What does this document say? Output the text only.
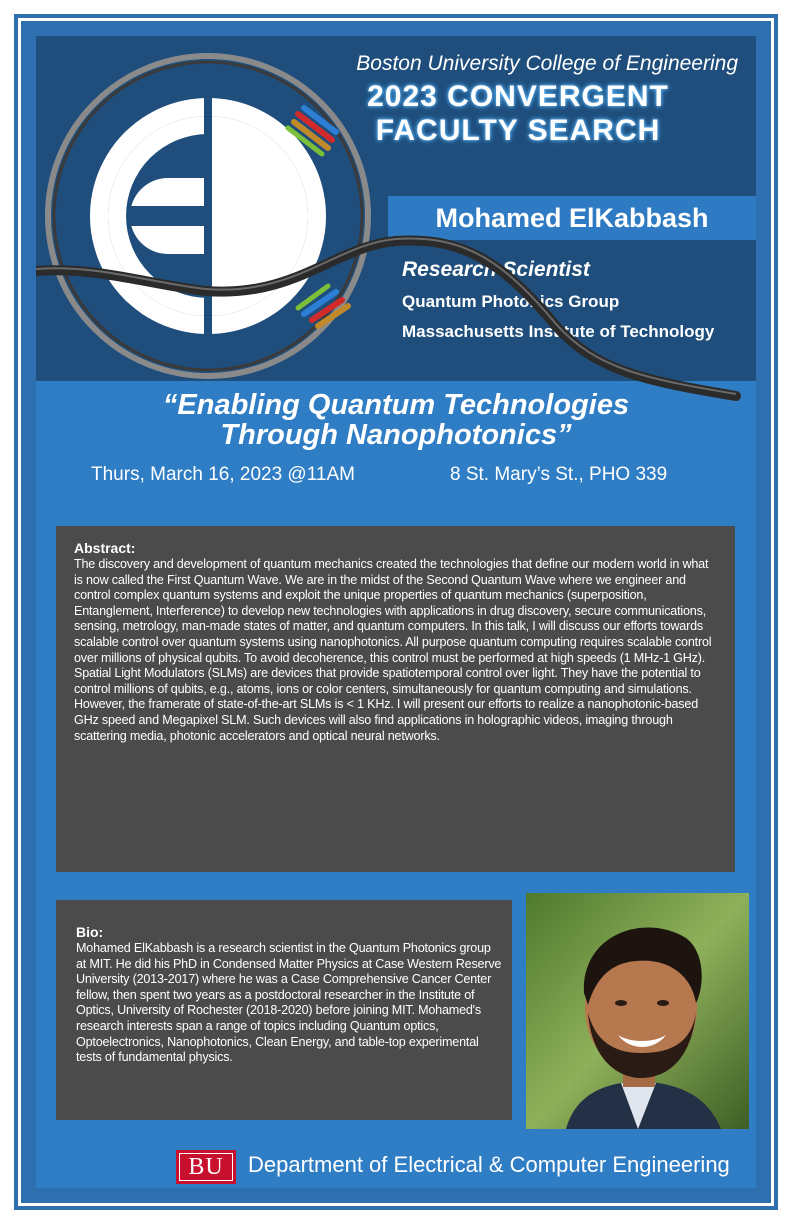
Boston University College of Engineering
2023 CONVERGENT
FACULTY SEARCH
Mohamed ElKabbash
Research Scientist
Quantum Photonics Group
Massachusetts Institute of Technology
“Enabling Quantum Technologies
Through Nanophotonics”
Thurs, March 16, 2023 @11AM	8 St. Mary’s St., PHO 339
Abstract:
The discovery and development of quantum mechanics created the technologies that define our modern world in what is now called the First Quantum Wave. We are in the midst of the Second Quantum Wave where we engineer and control complex quantum systems and exploit the unique properties of quantum mechanics (superposition, Entanglement, Interference) to develop new technologies with applications in drug discovery, secure communications, sensing, metrology, man-made states of matter, and quantum computers. In this talk, I will discuss our efforts towards scalable control over quantum systems using nanophotonics. All purpose quantum computing requires scalable control over millions of physical qubits. To avoid decoherence, this control must be performed at high speeds (1 MHz-1 GHz). Spatial Light Modulators (SLMs) are devices that provide spatiotemporal control over light. They have the potential to control millions of qubits, e.g., atoms, ions or color centers, simultaneously for quantum computing and simulations. However, the framerate of state-of-the-art SLMs is < 1 KHz. I will present our efforts to realize a nanophotonic-based GHz speed and Megapixel SLM. Such devices will also find applications in holographic videos, imaging through scattering media, photonic accelerators and optical neural networks.
Bio:
Mohamed ElKabbash is a research scientist in the Quantum Photonics group at MIT. He did his PhD in Condensed Matter Physics at Case Western Reserve University (2013-2017) where he was a Case Comprehensive Cancer Center fellow, then spent two years as a postdoctoral researcher in the Institute of Optics, University of Rochester (2018-2020) before joining MIT. Mohamed's research interests span a range of topics including Quantum optics, Optoelectronics, Nanophotonics, Clean Energy, and table-top experimental tests of fundamental physics.
BU	Department of Electrical & Computer Engineering
